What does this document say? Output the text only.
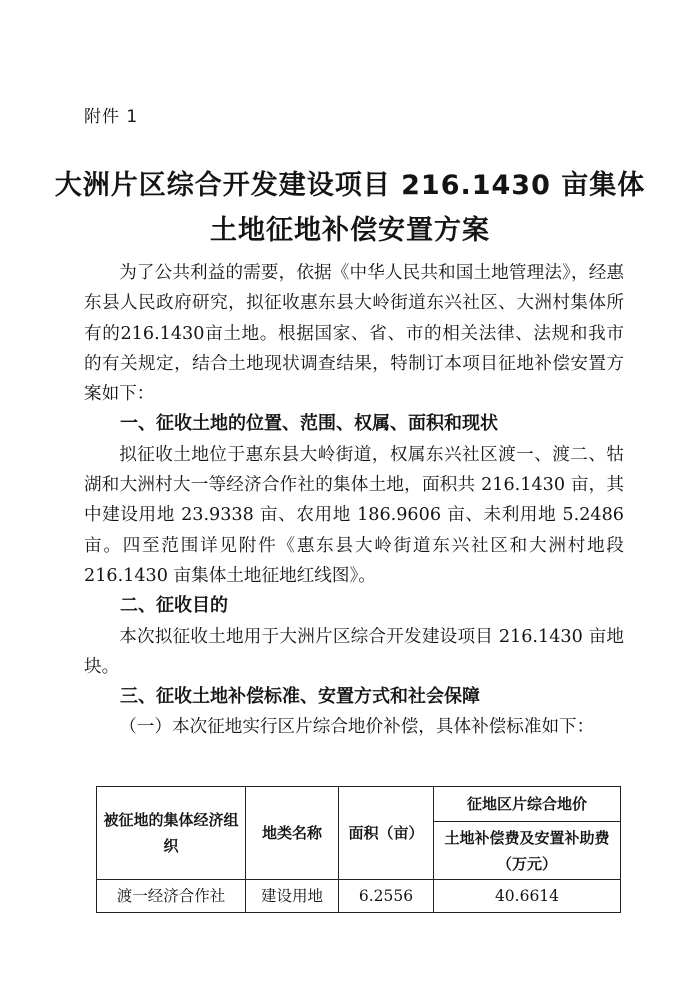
附件 1
大洲片区综合开发建设项目 216.1430 亩集体
土地征地补偿安置方案

为了公共利益的需要，依据《中华人民共和国土地管理法》，经惠东县人民政府研究，拟征收惠东县大岭街道东兴社区、大洲村集体所有的216.1430亩土地。根据国家、省、市的相关法律、法规和我市的有关规定，结合土地现状调查结果，特制订本项目征地补偿安置方案如下：

一、征收土地的位置、范围、权属、面积和现状

拟征收土地位于惠东县大岭街道，权属东兴社区渡一、渡二、牯湖和大洲村大一等经济合作社的集体土地，面积共 216.1430 亩，其中建设用地 23.9338 亩、农用地 186.9606 亩、未利用地 5.2486亩。四至范围详见附件《惠东县大岭街道东兴社区和大洲村地段216.1430 亩集体土地征地红线图》。

二、征收目的

本次拟征收土地用于大洲片区综合开发建设项目 216.1430 亩地块。

三、征收土地补偿标准、安置方式和社会保障

（一）本次征地实行区片综合地价补偿，具体补偿标准如下：

被征地的集体经济组织	地类名称	面积（亩）	征地区片综合地价
			土地补偿费及安置补助费（万元）
渡一经济合作社	建设用地	6.2556	40.6614
